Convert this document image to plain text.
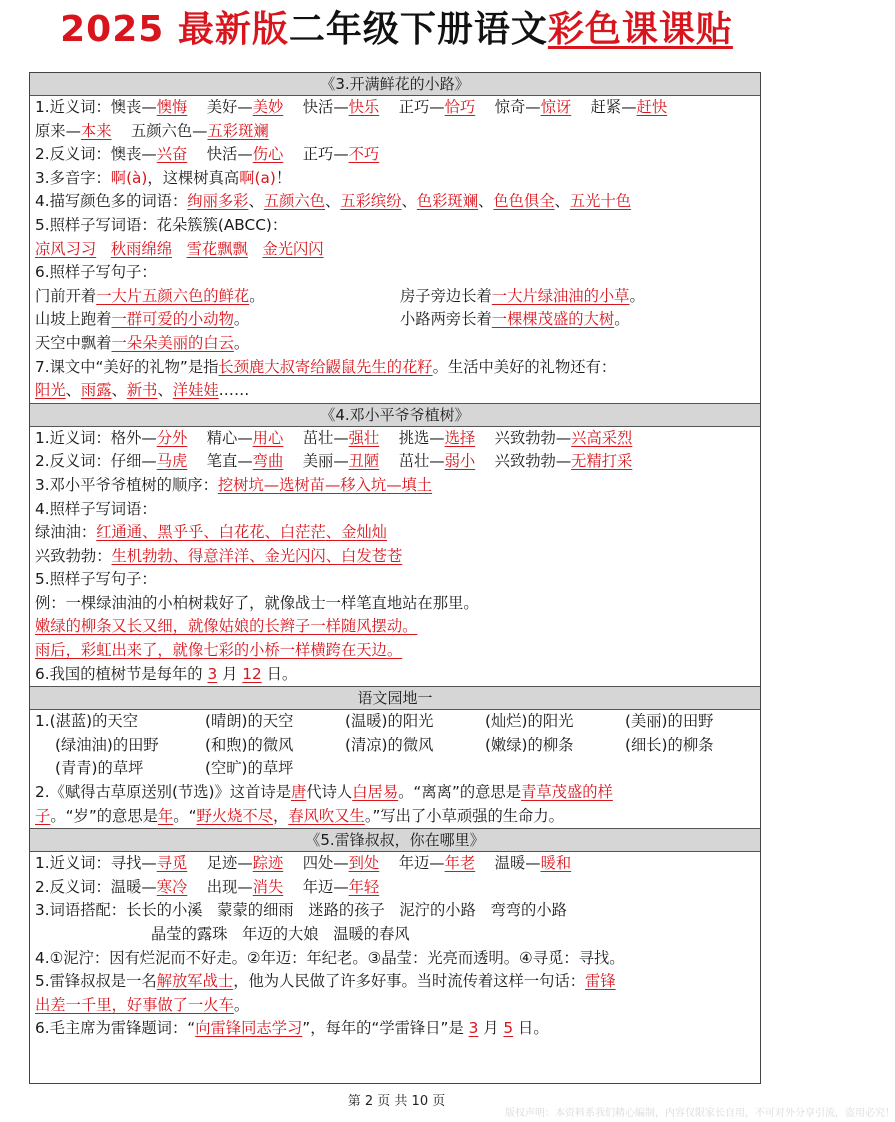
2025 最新版二年级下册语文彩色课课贴
《3.开满鲜花的小路》
1.近义词：懊丧—懊悔 美好—美妙 快活—快乐 正巧—恰巧 惊奇—惊讶 赶紧—赶快
原来—本来 五颜六色—五彩斑斓
2.反义词：懊丧—兴奋 快活—伤心 正巧—不巧
3.多音字：啊(à)，这棵树真高啊(a)！
4.描写颜色多的词语：绚丽多彩、五颜六色、五彩缤纷、色彩斑斓、色色俱全、五光十色
5.照样子写词语：花朵簇簇(ABCC)：
凉风习习 秋雨绵绵 雪花飘飘 金光闪闪
6.照样子写句子：
门前开着一大片五颜六色的鲜花。	房子旁边长着一大片绿油油的小草。
山坡上跑着一群可爱的小动物。	小路两旁长着一棵棵茂盛的大树。
天空中飘着一朵朵美丽的白云。
7.课文中“美好的礼物”是指长颈鹿大叔寄给鼹鼠先生的花籽。生活中美好的礼物还有：
阳光、雨露、新书、洋娃娃……
《4.邓小平爷爷植树》
1.近义词：格外—分外 精心—用心 茁壮—强壮 挑选—选择 兴致勃勃—兴高采烈
2.反义词：仔细—马虎 笔直—弯曲 美丽—丑陋 茁壮—弱小 兴致勃勃—无精打采
3.邓小平爷爷植树的顺序：挖树坑—选树苗—移入坑—填土
4.照样子写词语：
绿油油：红通通、黑乎乎、白花花、白茫茫、金灿灿
兴致勃勃：生机勃勃、得意洋洋、金光闪闪、白发苍苍
5.照样子写句子：
例：一棵绿油油的小柏树栽好了，就像战士一样笔直地站在那里。
嫩绿的柳条又长又细，就像姑娘的长辫子一样随风摆动。
雨后，彩虹出来了，就像七彩的小桥一样横跨在天边。
6.我国的植树节是每年的 3 月 12 日。
语文园地一
1.(湛蓝)的天空	(晴朗)的天空	(温暖)的阳光	(灿烂)的阳光	(美丽)的田野
(绿油油)的田野	(和煦)的微风	(清凉)的微风	(嫩绿)的柳条	(细长)的柳条
(青青)的草坪	(空旷)的草坪
2.《赋得古草原送别(节选)》这首诗是唐代诗人白居易。“离离”的意思是青草茂盛的样
子。“岁”的意思是年。“野火烧不尽，春风吹又生。”写出了小草顽强的生命力。
《5.雷锋叔叔，你在哪里》
1.近义词：寻找—寻觅 足迹—踪迹 四处—到处 年迈—年老 温暖—暖和
2.反义词：温暖—寒冷 出现—消失 年迈—年轻
3.词语搭配：长长的小溪 蒙蒙的细雨 迷路的孩子 泥泞的小路 弯弯的小路
晶莹的露珠 年迈的大娘 温暖的春风
4.①泥泞：因有烂泥而不好走。②年迈：年纪老。③晶莹：光亮而透明。④寻觅：寻找。
5.雷锋叔叔是一名解放军战士，他为人民做了许多好事。当时流传着这样一句话：雷锋
出差一千里，好事做了一火车。
6.毛主席为雷锋题词：“向雷锋同志学习”，每年的“学雷锋日”是 3 月 5 日。
第 2 页 共 10 页
版权声明：本资料系我们精心编制，内容仅限家长自用，不可对外分享引流，盗用必究！
